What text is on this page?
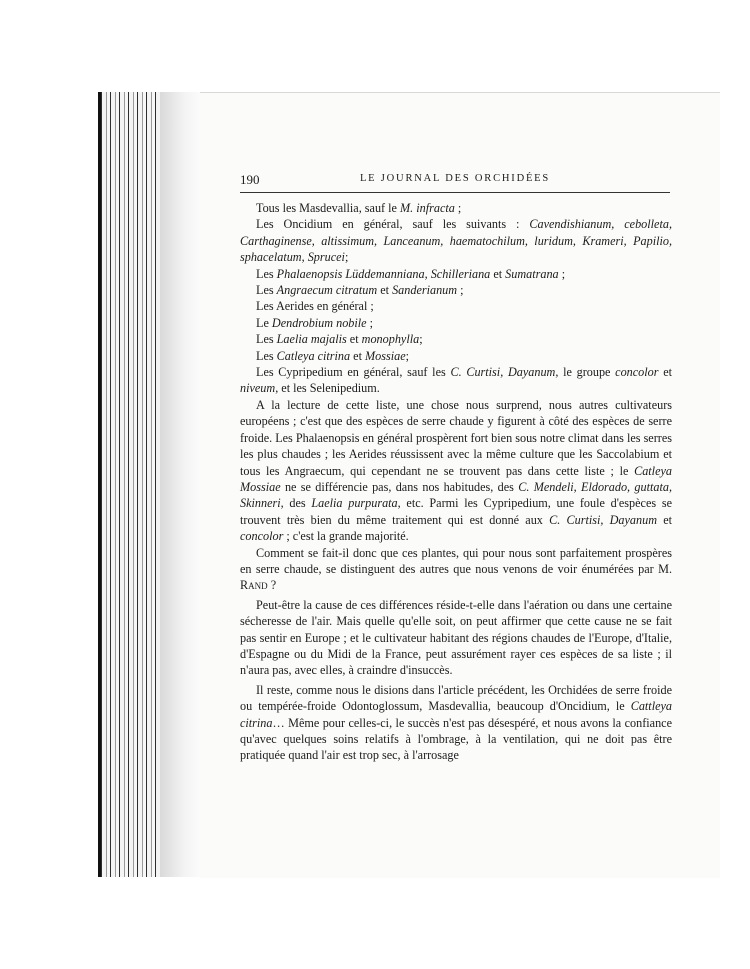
190	LE JOURNAL DES ORCHIDÉES

Tous les Masdevallia, sauf le M. infracta ;

Les Oncidium en général, sauf les suivants : Cavendishianum, cebolleta, Carthaginense, altissimum, Lanceanum, haematochilum, luridum, Krameri, Papilio, sphacelatum, Sprucei;

Les Phalaenopsis Lüddemanniana, Schilleriana et Sumatrana ;

Les Angraecum citratum et Sanderianum ;

Les Aerides en général ;

Le Dendrobium nobile ;

Les Laelia majalis et monophylla;

Les Catleya citrina et Mossiae;

Les Cypripedium en général, sauf les C. Curtisi, Dayanum, le groupe concolor et niveum, et les Selenipedium.

A la lecture de cette liste, une chose nous surprend, nous autres cultivateurs européens ; c'est que des espèces de serre chaude y figurent à côté des espèces de serre froide. Les Phalaenopsis en général prospèrent fort bien sous notre climat dans les serres les plus chaudes ; les Aerides réussissent avec la même culture que les Saccolabium et tous les Angraecum, qui cependant ne se trouvent pas dans cette liste ; le Catleya Mossiae ne se différencie pas, dans nos habitudes, des C. Mendeli, Eldorado, guttata, Skinneri, des Laelia purpurata, etc. Parmi les Cypripedium, une foule d'espèces se trouvent très bien du même traitement qui est donné aux C. Curtisi, Dayanum et concolor ; c'est la grande majorité.

Comment se fait-il donc que ces plantes, qui pour nous sont parfaitement prospères en serre chaude, se distinguent des autres que nous venons de voir énumérées par M. Rand ?

Peut-être la cause de ces différences réside-t-elle dans l'aération ou dans une certaine sécheresse de l'air. Mais quelle qu'elle soit, on peut affirmer que cette cause ne se fait pas sentir en Europe ; et le cultivateur habitant des régions chaudes de l'Europe, d'Italie, d'Espagne ou du Midi de la France, peut assurément rayer ces espèces de sa liste ; il n'aura pas, avec elles, à craindre d'insuccès.

Il reste, comme nous le disions dans l'article précédent, les Orchidées de serre froide ou tempérée-froide Odontoglossum, Masdevallia, beaucoup d'Oncidium, le Cattleya citrina… Même pour celles-ci, le succès n'est pas désespéré, et nous avons la confiance qu'avec quelques soins relatifs à l'ombrage, à la ventilation, qui ne doit pas être pratiquée quand l'air est trop sec, à l'arrosage
